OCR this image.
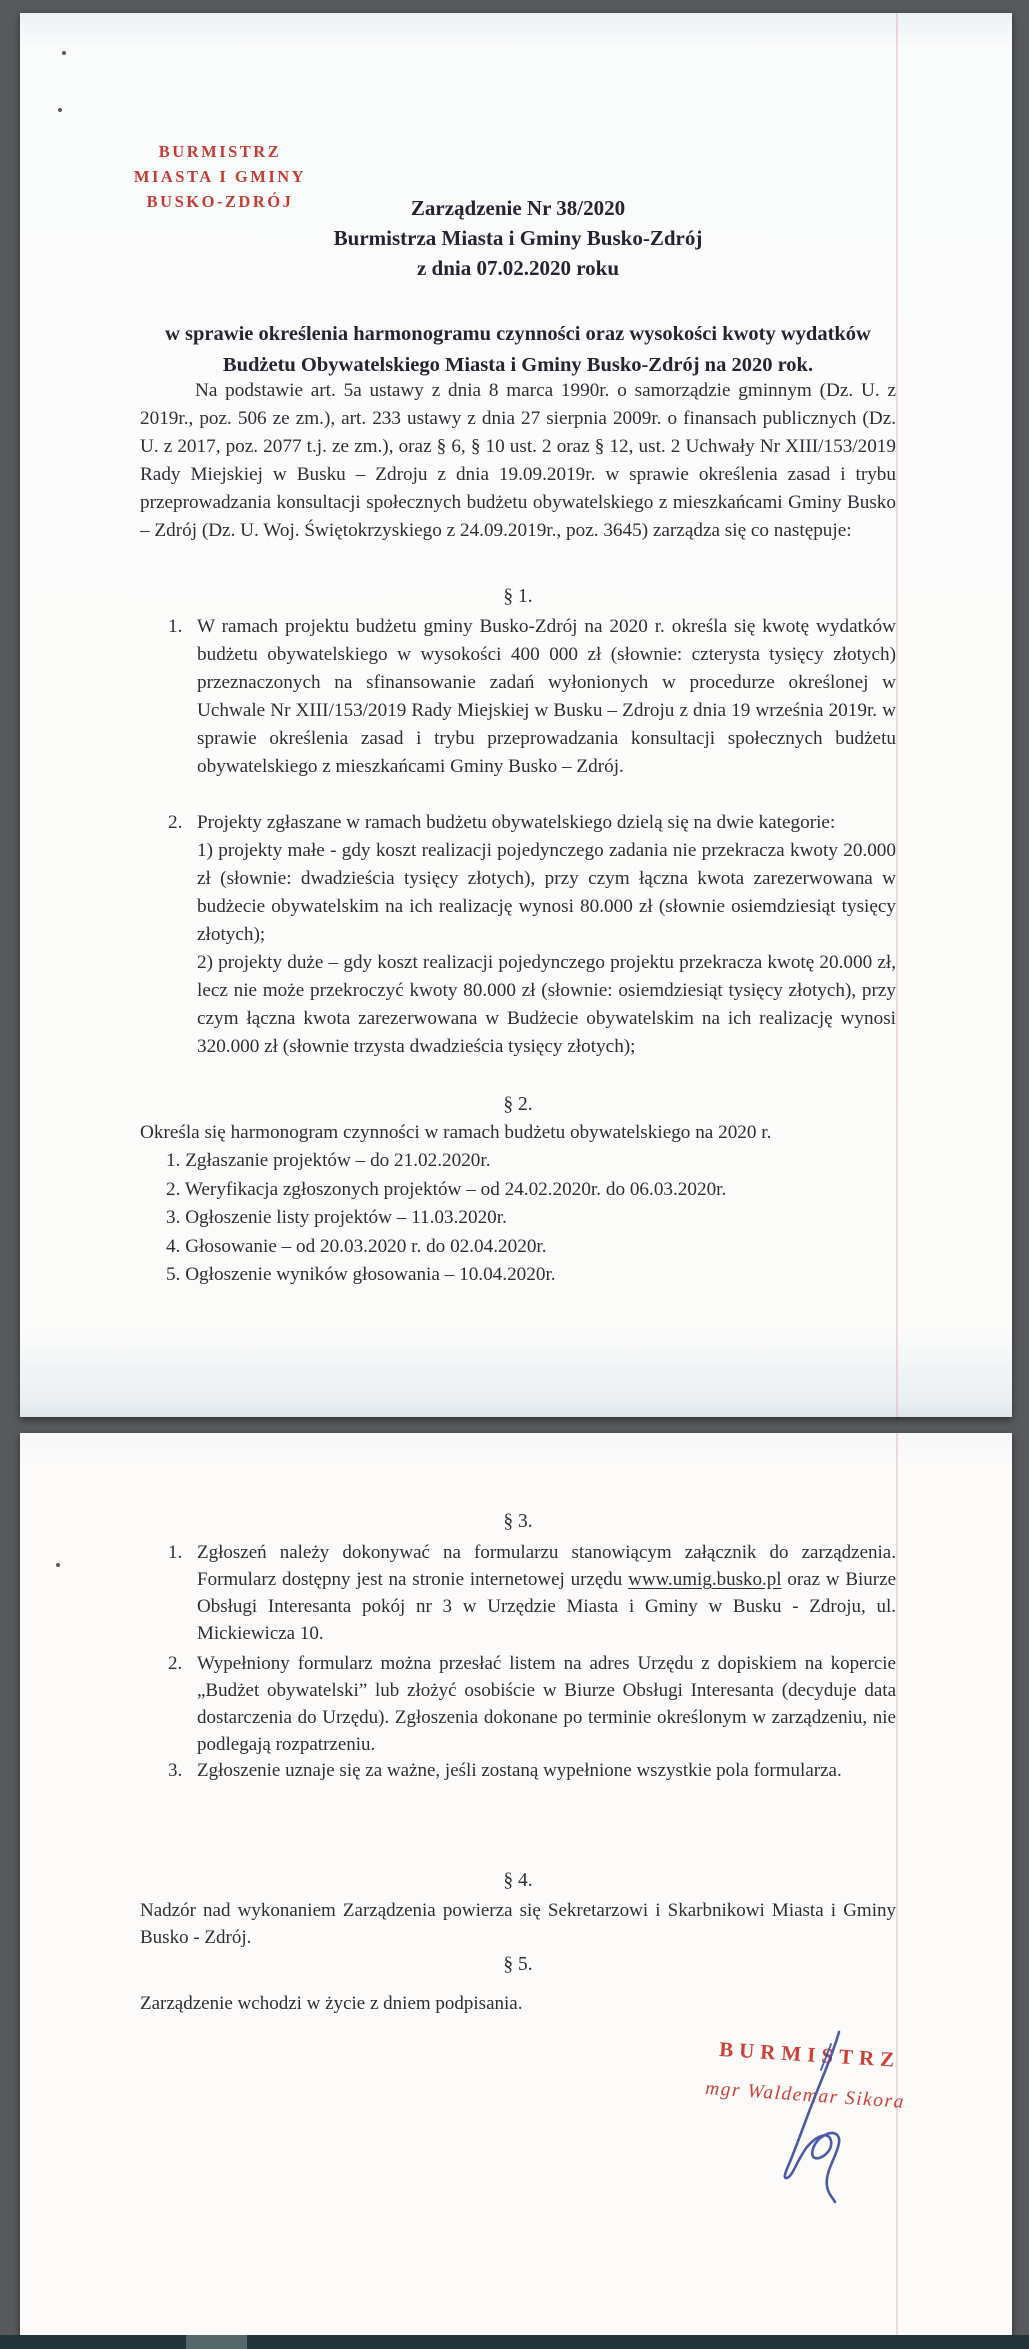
BURMISTRZ
MIASTA I GMINY
BUSKO-ZDRÓJ	Zarządzenie Nr 38/2020
Burmistrza Miasta i Gminy Busko-Zdrój
z dnia 07.02.2020 roku
w sprawie określenia harmonogramu czynności oraz wysokości kwoty wydatków Budżetu Obywatelskiego Miasta i Gminy Busko-Zdrój na 2020 rok.
Na podstawie art. 5a ustawy z dnia 8 marca 1990r. o samorządzie gminnym (Dz. U. z 2019r., poz. 506 ze zm.), art. 233 ustawy z dnia 27 sierpnia 2009r. o finansach publicznych (Dz. U. z 2017, poz. 2077 t.j. ze zm.), oraz § 6, § 10 ust. 2 oraz § 12, ust. 2 Uchwały Nr XIII/153/2019 Rady Miejskiej w Busku – Zdroju z dnia 19.09.2019r. w sprawie określenia zasad i trybu przeprowadzania konsultacji społecznych budżetu obywatelskiego z mieszkańcami Gminy Busko – Zdrój (Dz. U. Woj. Świętokrzyskiego z 24.09.2019r., poz. 3645) zarządza się co następuje:
§ 1.
1. W ramach projektu budżetu gminy Busko-Zdrój na 2020 r. określa się kwotę wydatków budżetu obywatelskiego w wysokości 400 000 zł (słownie: czterysta tysięcy złotych) przeznaczonych na sfinansowanie zadań wyłonionych w procedurze określonej w Uchwale Nr XIII/153/2019 Rady Miejskiej w Busku – Zdroju z dnia 19 września 2019r. w sprawie określenia zasad i trybu przeprowadzania konsultacji społecznych budżetu obywatelskiego z mieszkańcami Gminy Busko – Zdrój.
2. Projekty zgłaszane w ramach budżetu obywatelskiego dzielą się na dwie kategorie:
1) projekty małe - gdy koszt realizacji pojedynczego zadania nie przekracza kwoty 20.000 zł (słownie: dwadzieścia tysięcy złotych), przy czym łączna kwota zarezerwowana w budżecie obywatelskim na ich realizację wynosi 80.000 zł (słownie osiemdziesiąt tysięcy złotych);
2) projekty duże – gdy koszt realizacji pojedynczego projektu przekracza kwotę 20.000 zł, lecz nie może przekroczyć kwoty 80.000 zł (słownie: osiemdziesiąt tysięcy złotych), przy czym łączna kwota zarezerwowana w Budżecie obywatelskim na ich realizację wynosi 320.000 zł (słownie trzysta dwadzieścia tysięcy złotych);
§ 2.
Określa się harmonogram czynności w ramach budżetu obywatelskiego na 2020 r.
1. Zgłaszanie projektów – do 21.02.2020r.
2. Weryfikacja zgłoszonych projektów – od 24.02.2020r. do 06.03.2020r.
3. Ogłoszenie listy projektów – 11.03.2020r.
4. Głosowanie – od 20.03.2020 r. do 02.04.2020r.
5. Ogłoszenie wyników głosowania – 10.04.2020r.
§ 3.
1. Zgłoszeń należy dokonywać na formularzu stanowiącym załącznik do zarządzenia. Formularz dostępny jest na stronie internetowej urzędu www.umig.busko.pl oraz w Biurze Obsługi Interesanta pokój nr 3 w Urzędzie Miasta i Gminy w Busku - Zdroju, ul. Mickiewicza 10.
2. Wypełniony formularz można przesłać listem na adres Urzędu z dopiskiem na kopercie „Budżet obywatelski” lub złożyć osobiście w Biurze Obsługi Interesanta (decyduje data dostarczenia do Urzędu). Zgłoszenia dokonane po terminie określonym w zarządzeniu, nie podlegają rozpatrzeniu.
3. Zgłoszenie uznaje się za ważne, jeśli zostaną wypełnione wszystkie pola formularza.
§ 4.
Nadzór nad wykonaniem Zarządzenia powierza się Sekretarzowi i Skarbnikowi Miasta i Gminy Busko - Zdrój.
§ 5.
Zarządzenie wchodzi w życie z dniem podpisania.
BURMISTRZ
mgr Waldemar Sikora
